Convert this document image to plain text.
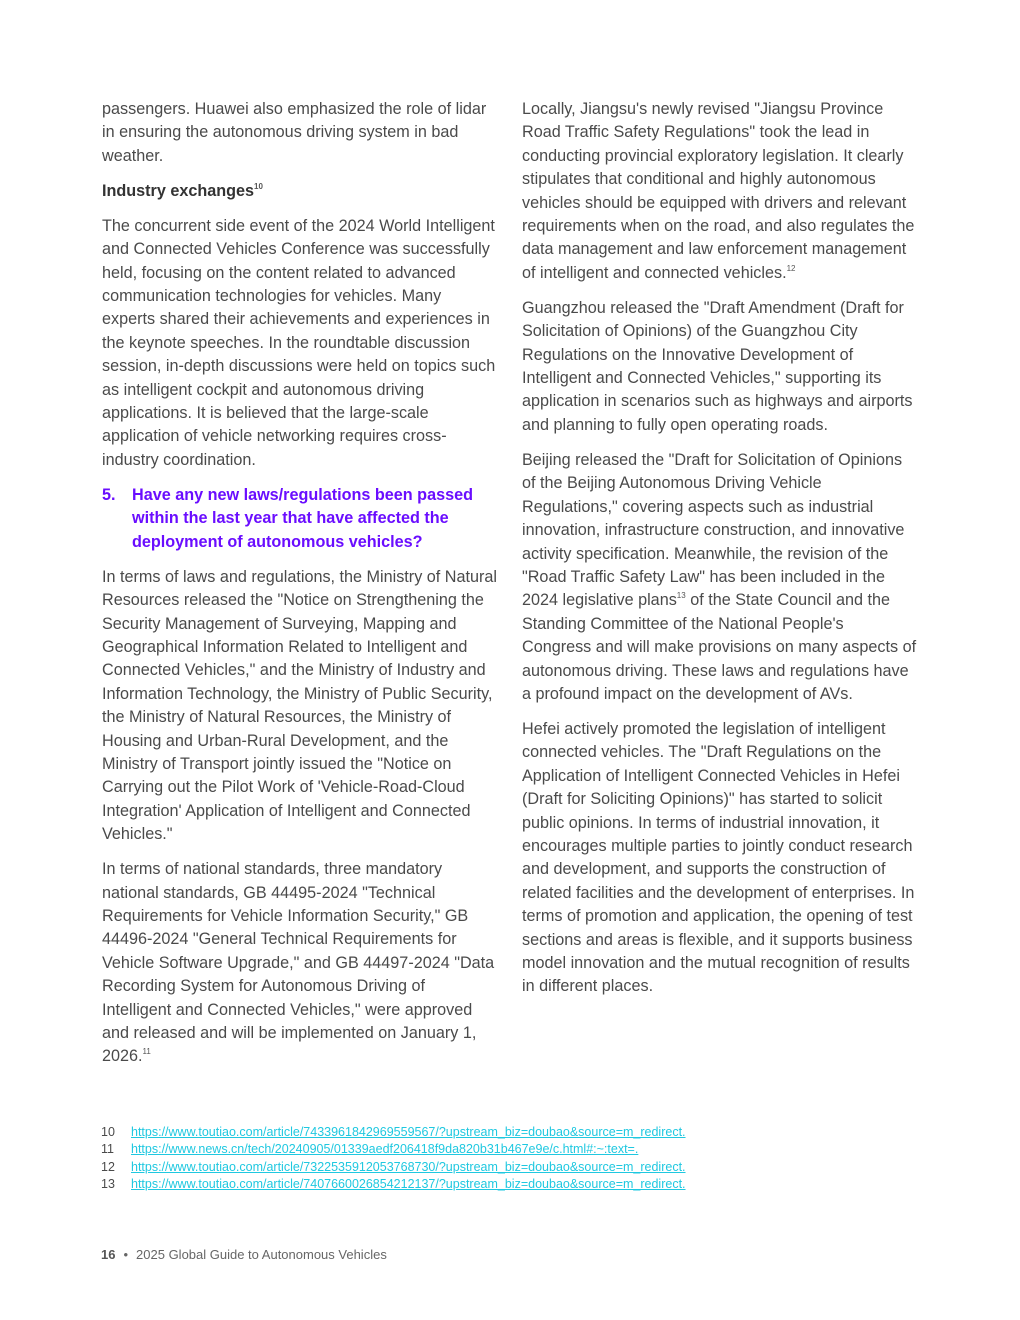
passengers. Huawei also emphasized the role of lidar in ensuring the autonomous driving system in bad weather.

Industry exchanges$^{10}$

The concurrent side event of the 2024 World Intelligent and Connected Vehicles Conference was successfully held, focusing on the content related to advanced communication technologies for vehicles. Many experts shared their achievements and experiences in the keynote speeches. In the roundtable discussion session, in-depth discussions were held on topics such as intelligent cockpit and autonomous driving applications. It is believed that the large-scale application of vehicle networking requires cross-industry coordination.

5.	Have any new laws/regulations been passed within the last year that have affected the deployment of autonomous vehicles?

In terms of laws and regulations, the Ministry of Natural Resources released the "Notice on Strengthening the Security Management of Surveying, Mapping and Geographical Information Related to Intelligent and Connected Vehicles," and the Ministry of Industry and Information Technology, the Ministry of Public Security, the Ministry of Natural Resources, the Ministry of Housing and Urban-Rural Development, and the Ministry of Transport jointly issued the "Notice on Carrying out the Pilot Work of 'Vehicle-Road-Cloud Integration' Application of Intelligent and Connected Vehicles."

In terms of national standards, three mandatory national standards, GB 44495-2024 "Technical Requirements for Vehicle Information Security," GB 44496-2024 "General Technical Requirements for Vehicle Software Upgrade," and GB 44497-2024 "Data Recording System for Autonomous Driving of Intelligent and Connected Vehicles," were approved and released and will be implemented on January 1, 2026.11

Locally, Jiangsu's newly revised "Jiangsu Province Road Traffic Safety Regulations" took the lead in conducting provincial exploratory legislation. It clearly stipulates that conditional and highly autonomous vehicles should be equipped with drivers and relevant requirements when on the road, and also regulates the data management and law enforcement management of intelligent and connected vehicles.$^{12}$

Guangzhou released the "Draft Amendment (Draft for Solicitation of Opinions) of the Guangzhou City Regulations on the Innovative Development of Intelligent and Connected Vehicles," supporting its application in scenarios such as highways and airports and planning to fully open operating roads.

Beijing released the "Draft for Solicitation of Opinions of the Beijing Autonomous Driving Vehicle Regulations," covering aspects such as industrial innovation, infrastructure construction, and innovative activity specification. Meanwhile, the revision of the "Road Traffic Safety Law" has been included in the 2024 legislative plans$^{13}$ of the State Council and the Standing Committee of the National People's Congress and will make provisions on many aspects of autonomous driving. These laws and regulations have a profound impact on the development of AVs.

Hefei actively promoted the legislation of intelligent connected vehicles. The "Draft Regulations on the Application of Intelligent Connected Vehicles in Hefei (Draft for Soliciting Opinions)" has started to solicit public opinions. In terms of industrial innovation, it encourages multiple parties to jointly conduct research and development, and supports the construction of related facilities and the development of enterprises. In terms of promotion and application, the opening of test sections and areas is flexible, and it supports business model innovation and the mutual recognition of results in different places.

10	https://www.toutiao.com/article/7433961842969559567/?upstream_biz=doubao&source=m_redirect.
11	https://www.news.cn/tech/20240905/01339aedf206418f9da820b31b467e9e/c.html#:~:text=.
12	https://www.toutiao.com/article/7322535912053768730/?upstream_biz=doubao&source=m_redirect.
13	https://www.toutiao.com/article/7407660026854212137/?upstream_biz=doubao&source=m_redirect.
16 • 2025 Global Guide to Autonomous Vehicles
